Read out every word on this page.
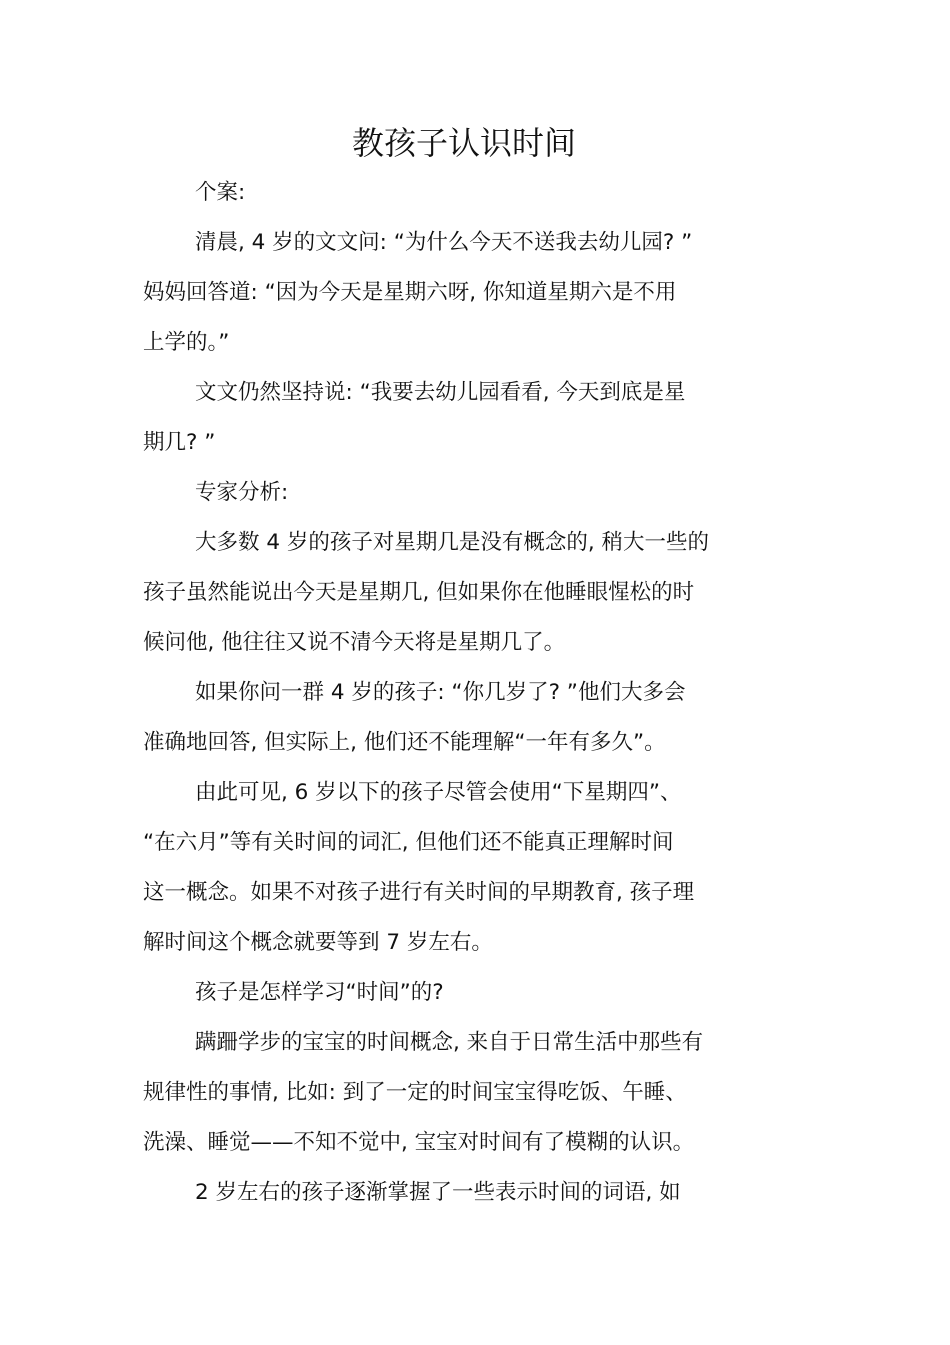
教孩子认识时间

个案:

清晨, 4 岁的文文问: “为什么今天不送我去幼儿园? ”

妈妈回答道: “因为今天是星期六呀, 你知道星期六是不用

上学的。”

文文仍然坚持说: “我要去幼儿园看看, 今天到底是星

期几? ”

专家分析:

大多数 4 岁的孩子对星期几是没有概念的, 稍大一些的

孩子虽然能说出今天是星期几, 但如果你在他睡眼惺松的时

候问他, 他往往又说不清今天将是星期几了。

如果你问一群 4 岁的孩子: “你几岁了? ”他们大多会

准确地回答, 但实际上, 他们还不能理解“一年有多久”。

由此可见, 6 岁以下的孩子尽管会使用“下星期四”、

“在六月”等有关时间的词汇, 但他们还不能真正理解时间

这一概念。如果不对孩子进行有关时间的早期教育, 孩子理

解时间这个概念就要等到 7 岁左右。

孩子是怎样学习“时间”的?

蹒跚学步的宝宝的时间概念, 来自于日常生活中那些有

规律性的事情, 比如: 到了一定的时间宝宝得吃饭、午睡、

洗澡、睡觉——不知不觉中, 宝宝对时间有了模糊的认识。

2 岁左右的孩子逐渐掌握了一些表示时间的词语, 如
